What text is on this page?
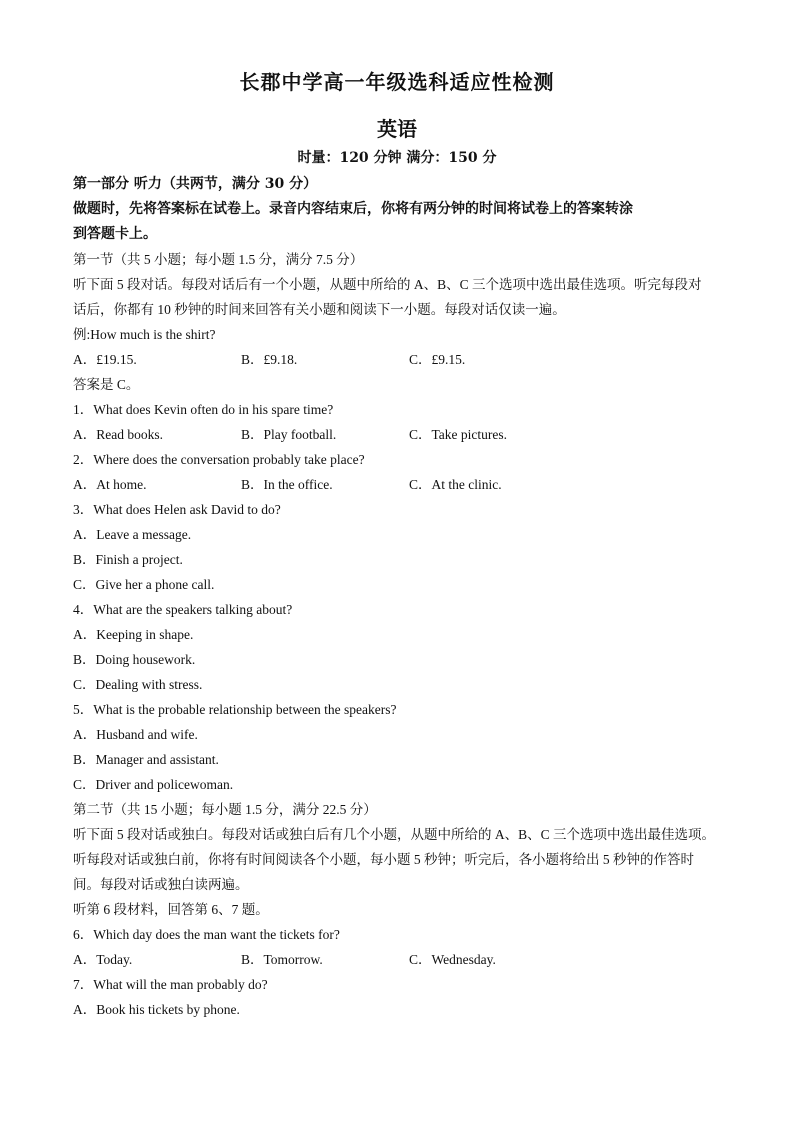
长郡中学高一年级选科适应性检测
英语
时量：120 分钟 满分：150 分
第一部分 听力（共两节，满分 30 分）
做题时，先将答案标在试卷上。录音内容结束后，你将有两分钟的时间将试卷上的答案转涂
到答题卡上。
第一节（共 5 小题；每小题 1.5 分，满分 7.5 分）
听下面 5 段对话。每段对话后有一个小题，从题中所给的 A、B、C 三个选项中选出最佳选项。听完每段对
话后，你都有 10 秒钟的时间来回答有关小题和阅读下一小题。每段对话仅读一遍。
例:How much is the shirt?
A．£19.15.	B．£9.18.	C．£9.15.
答案是 C。
1．What does Kevin often do in his spare time?
A．Read books.	B．Play football.	C．Take pictures.
2．Where does the conversation probably take place?
A．At home.	B．In the office.	C．At the clinic.
3．What does Helen ask David to do?
A．Leave a message.
B．Finish a project.
C．Give her a phone call.
4．What are the speakers talking about?
A．Keeping in shape.
B．Doing housework.
C．Dealing with stress.
5．What is the probable relationship between the speakers?
A．Husband and wife.
B．Manager and assistant.
C．Driver and policewoman.
第二节（共 15 小题；每小题 1.5 分，满分 22.5 分）
听下面 5 段对话或独白。每段对话或独白后有几个小题，从题中所给的 A、B、C 三个选项中选出最佳选项。
听每段对话或独白前，你将有时间阅读各个小题，每小题 5 秒钟；听完后，各小题将给出 5 秒钟的作答时
间。每段对话或独白读两遍。
听第 6 段材料，回答第 6、7 题。
6．Which day does the man want the tickets for?
A．Today.	B．Tomorrow.	C．Wednesday.
7．What will the man probably do?
A．Book his tickets by phone.
